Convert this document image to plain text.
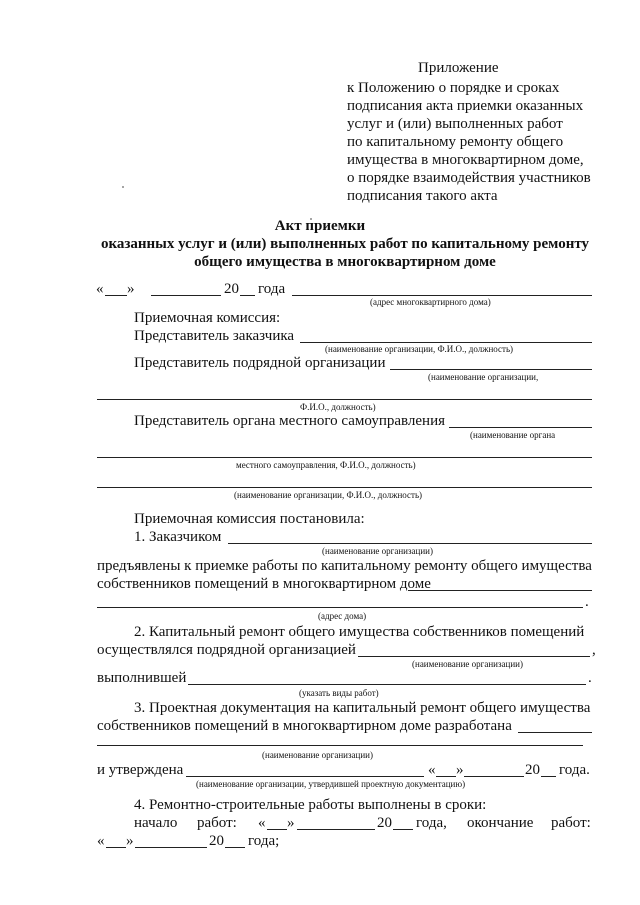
Приложение
к Положению о порядке и сроках
подписания акта приемки оказанных
услуг и (или) выполненных работ
по капитальному ремонту общего
имущества в многоквартирном доме,
о порядке взаимодействия участников
подписания такого акта
Акт приемки
оказанных услуг и (или) выполненных работ по капитальному ремонту
общего имущества в многоквартирном доме
« »	20 года
(адрес многоквартирного дома)
Приемочная комиссия:
Представитель заказчика
(наименование организации, Ф.И.О., должность)
Представитель подрядной организации
(наименование организации,
Ф.И.О., должность)
Представитель органа местного самоуправления
(наименование органа
местного самоуправления, Ф.И.О., должность)
(наименование организации, Ф.И.О., должность)
Приемочная комиссия постановила:
1. Заказчиком
(наименование организации)
предъявлены к приемке работы по капитальному ремонту общего имущества
собственников помещений в многоквартирном доме
.
(адрес дома)
2. Капитальный ремонт общего имущества собственников помещений
осуществлялся подрядной организацией	,
(наименование организации)
выполнившей	.
(указать виды работ)
3. Проектная документация на капитальный ремонт общего имущества
собственников помещений в многоквартирном доме разработана
(наименование организации)
и утверждена	« »	20 года.
(наименование организации, утвердившей проектную документацию)
4. Ремонтно-строительные работы выполнены в сроки:
начало работ: « »	20 года, окончание работ:
« »	20 года;
